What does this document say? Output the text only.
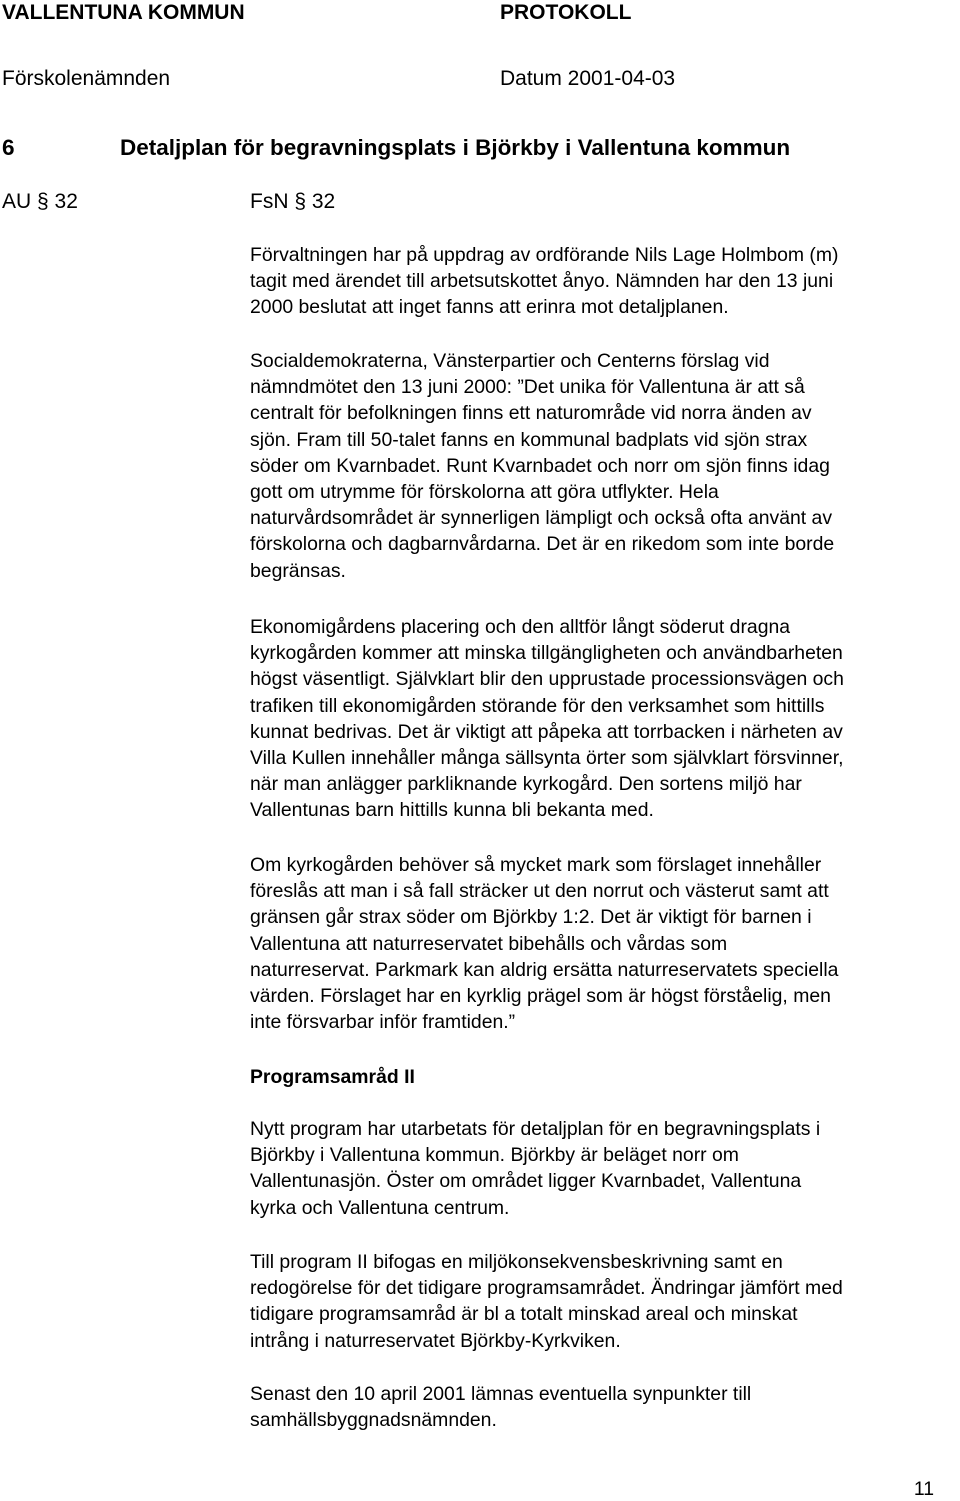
VALLENTUNA KOMMUN	PROTOKOLL
Förskolenämnden	Datum 2001-04-03
6	Detaljplan för begravningsplats i Björkby i Vallentuna kommun
AU § 32	FsN § 32
Förvaltningen har på uppdrag av ordförande Nils Lage Holmbom (m)
tagit med ärendet till arbetsutskottet ånyo. Nämnden har den 13 juni
2000 beslutat att inget fanns att erinra mot detaljplanen.
Socialdemokraterna, Vänsterpartier och Centerns förslag vid
nämndmötet den 13 juni 2000: ”Det unika för Vallentuna är att så
centralt för befolkningen finns ett naturområde vid norra änden av
sjön. Fram till 50-talet fanns en kommunal badplats vid sjön strax
söder om Kvarnbadet. Runt Kvarnbadet och norr om sjön finns idag
gott om utrymme för förskolorna att göra utflykter. Hela
naturvårdsområdet är synnerligen lämpligt och också ofta använt av
förskolorna och dagbarnvårdarna. Det är en rikedom som inte borde
begränsas.
Ekonomigårdens placering och den alltför långt söderut dragna
kyrkogården kommer att minska tillgängligheten och användbarheten
högst väsentligt. Självklart blir den upprustade processionsvägen och
trafiken till ekonomigården störande för den verksamhet som hittills
kunnat bedrivas. Det är viktigt att påpeka att torrbacken i närheten av
Villa Kullen innehåller många sällsynta örter som självklart försvinner,
när man anlägger parkliknande kyrkogård. Den sortens miljö har
Vallentunas barn hittills kunna bli bekanta med.
Om kyrkogården behöver så mycket mark som förslaget innehåller
föreslås att man i så fall sträcker ut den norrut och västerut samt att
gränsen går strax söder om Björkby 1:2. Det är viktigt för barnen i
Vallentuna att naturreservatet bibehålls och vårdas som
naturreservat. Parkmark kan aldrig ersätta naturreservatets speciella
värden. Förslaget har en kyrklig prägel som är högst förståelig, men
inte försvarbar inför framtiden.”
Programsamråd II
Nytt program har utarbetats för detaljplan för en begravningsplats i
Björkby i Vallentuna kommun. Björkby är beläget norr om
Vallentunasjön. Öster om området ligger Kvarnbadet, Vallentuna
kyrka och Vallentuna centrum.
Till program II bifogas en miljökonsekvensbeskrivning samt en
redogörelse för det tidigare programsamrådet. Ändringar jämfört med
tidigare programsamråd är bl a totalt minskad areal och minskat
intrång i naturreservatet Björkby-Kyrkviken.
Senast den 10 april 2001 lämnas eventuella synpunkter till
samhällsbyggnadsnämnden.
11
